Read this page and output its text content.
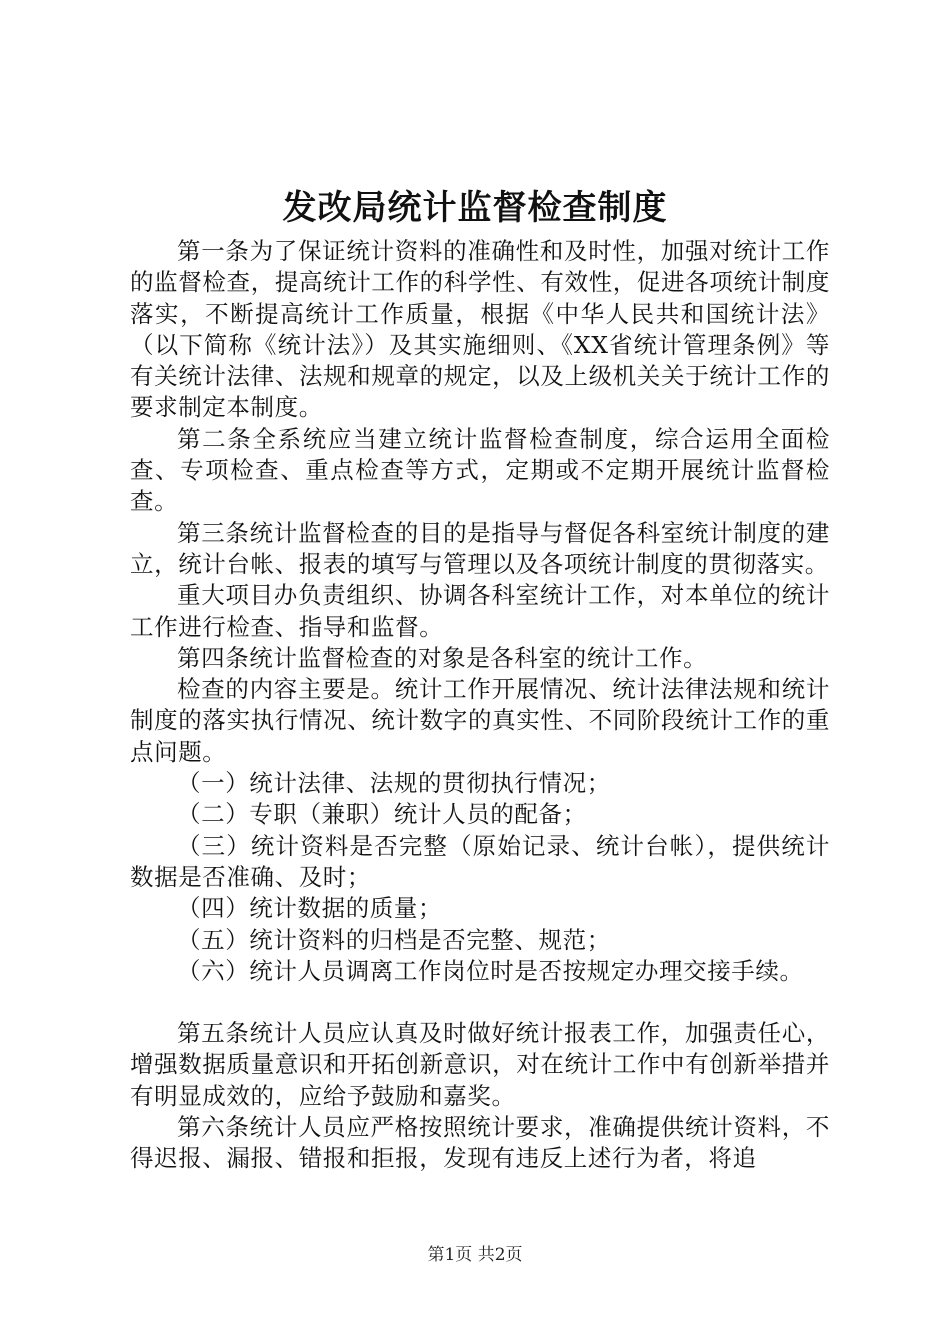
发改局统计监督检查制度

第一条为了保证统计资料的准确性和及时性，加强对统计工作的监督检查，提高统计工作的科学性、有效性，促进各项统计制度落实，不断提高统计工作质量，根据《中华人民共和国统计法》（以下简称《统计法》）及其实施细则、《XX省统计管理条例》等有关统计法律、法规和规章的规定，以及上级机关关于统计工作的要求制定本制度。

第二条全系统应当建立统计监督检查制度，综合运用全面检查、专项检查、重点检查等方式，定期或不定期开展统计监督检查。

第三条统计监督检查的目的是指导与督促各科室统计制度的建立，统计台帐、报表的填写与管理以及各项统计制度的贯彻落实。

重大项目办负责组织、协调各科室统计工作，对本单位的统计工作进行检查、指导和监督。

第四条统计监督检查的对象是各科室的统计工作。

检查的内容主要是。统计工作开展情况、统计法律法规和统计制度的落实执行情况、统计数字的真实性、不同阶段统计工作的重点问题。

（一）统计法律、法规的贯彻执行情况；

（二）专职（兼职）统计人员的配备；

（三）统计资料是否完整（原始记录、统计台帐），提供统计数据是否准确、及时；

（四）统计数据的质量；

（五）统计资料的归档是否完整、规范；

（六）统计人员调离工作岗位时是否按规定办理交接手续。

第五条统计人员应认真及时做好统计报表工作，加强责任心，增强数据质量意识和开拓创新意识，对在统计工作中有创新举措并有明显成效的，应给予鼓励和嘉奖。

第六条统计人员应严格按照统计要求，准确提供统计资料，不得迟报、漏报、错报和拒报，发现有违反上述行为者，将追

第1页 共2页
